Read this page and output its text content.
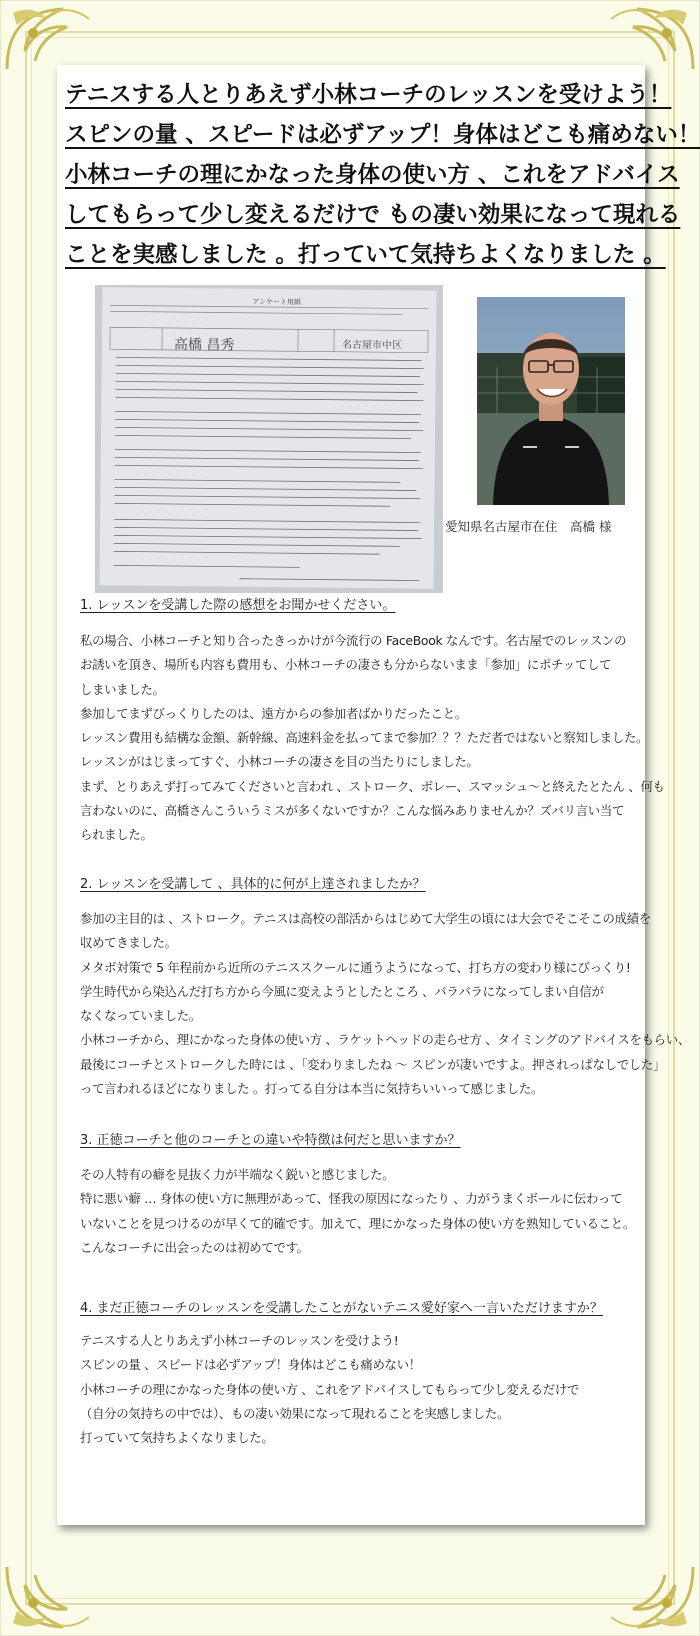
テニスする人とりあえず小林コーチのレッスンを受けよう！
スピンの量 、スピードは必ずアップ！身体はどこも痛めない！
小林コーチの理にかなった身体の使い方 、これをアドバイス
してもらって少し変えるだけで もの凄い効果になって現れる
ことを実感しました 。打っていて気持ちよくなりました 。
アンケート用紙
高橋 昌秀	名古屋市中区
愛知県名古屋市在住　高橋 様
1. レッスンを受講した際の感想をお聞かせください。
私の場合、小林コーチと知り合ったきっかけが今流行の FaceBook なんです。名古屋でのレッスンの
お誘いを頂き、場所も内容も費用も、小林コーチの凄さも分からないまま「参加」にポチッてして
しまいました。
参加してまずびっくりしたのは、遠方からの参加者ばかりだったこと。
レッスン費用も結構な金額、新幹線、高速料金を払ってまで参加？？？ただ者ではないと察知しました。
レッスンがはじまってすぐ、小林コーチの凄さを目の当たりにしました。
まず、とりあえず打ってみてくださいと言われ 、ストローク、ボレー、スマッシュ～と終えたとたん 、何も
言わないのに、高橋さんこういうミスが多くないですか？こんな悩みありませんか？ズバリ言い当て
られました。
2. レッスンを受講して 、具体的に何が上達されましたか？
参加の主目的は 、ストローク。テニスは高校の部活からはじめて大学生の頃には大会でそこそこの成績を
収めてきました。
メタボ対策で 5 年程前から近所のテニススクールに通うようになって、打ち方の変わり様にびっくり!
学生時代から染込んだ打ち方から今風に変えようとしたところ 、バラバラになってしまい自信が
なくなっていました。
小林コーチから、理にかなった身体の使い方 、ラケットヘッドの走らせ方 、タイミングのアドバイスをもらい、
最後にコーチとストロークした時には 、「変わりましたね ～ スピンが凄いですよ。押されっぱなしでした」
って言われるほどになりました 。打ってる自分は本当に気持ちいいって感じました。
3. 正徳コーチと他のコーチとの違いや特徴は何だと思いますか？
その人特有の癖を見抜く力が半端なく鋭いと感じました。
特に悪い癖 … 身体の使い方に無理があって、怪我の原因になったり 、力がうまくボールに伝わって
いないことを見つけるのが早くて的確です。加えて、理にかなった身体の使い方を熟知していること。
こんなコーチに出会ったのは初めてです。
4. まだ正徳コーチのレッスンを受講したことがないテニス愛好家へ一言いただけますか？
テニスする人とりあえず小林コーチのレッスンを受けよう!
スピンの量 、スピードは必ずアップ！身体はどこも痛めない！
小林コーチの理にかなった身体の使い方 、これをアドバイスしてもらって少し変えるだけで
（自分の気持ちの中では）、もの凄い効果になって現れることを実感しました。
打っていて気持ちよくなりました。
